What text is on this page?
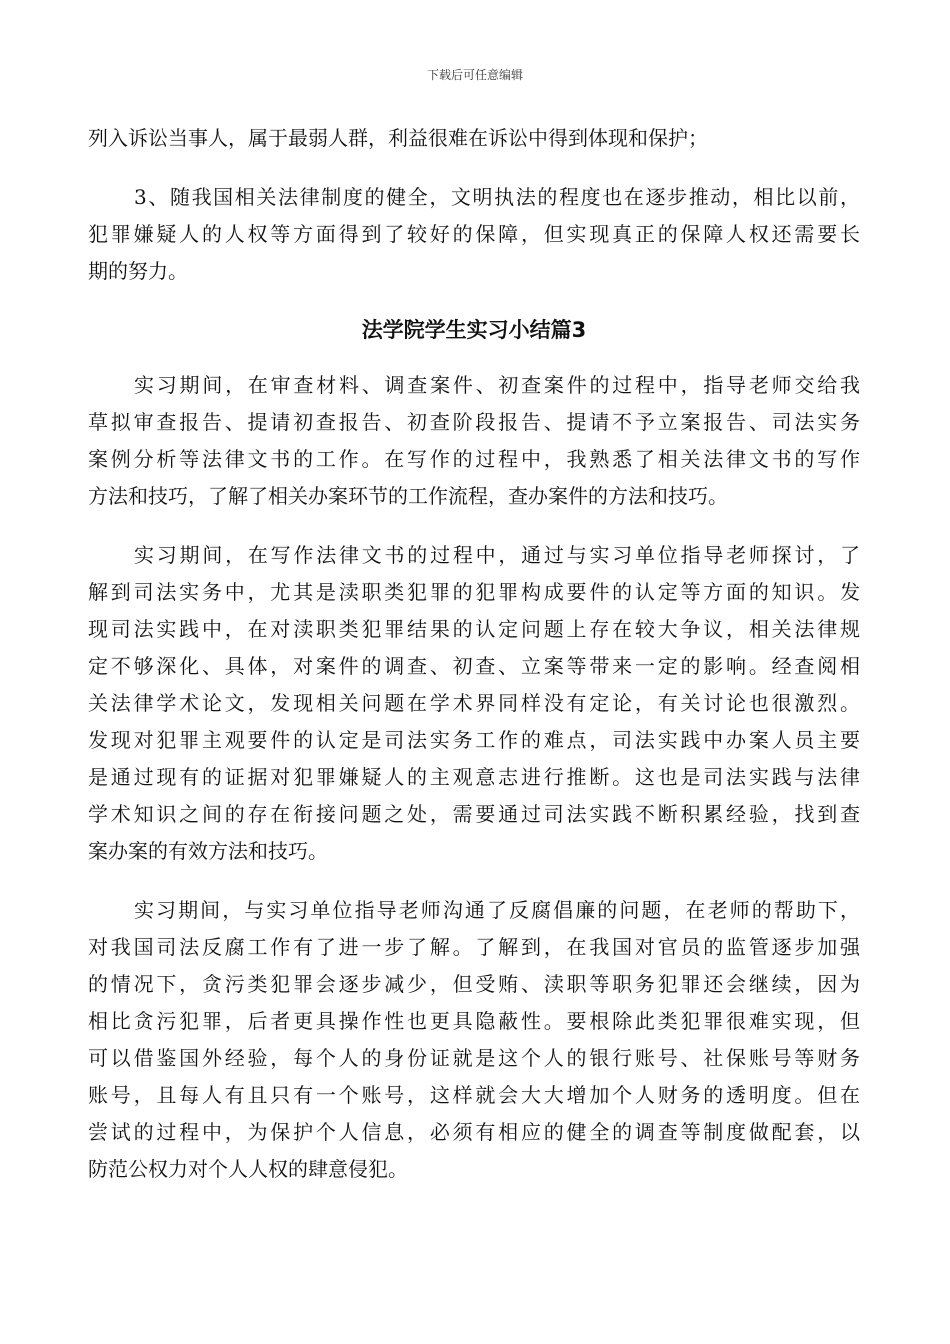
下载后可任意编辑
列入诉讼当事人，属于最弱人群，利益很难在诉讼中得到体现和保护；
3、随我国相关法律制度的健全，文明执法的程度也在逐步推动，相比以前，
犯罪嫌疑人的人权等方面得到了较好的保障，但实现真正的保障人权还需要长
期的努力。
法学院学生实习小结篇3
实习期间，在审查材料、调查案件、初查案件的过程中，指导老师交给我
草拟审查报告、提请初查报告、初查阶段报告、提请不予立案报告、司法实务
案例分析等法律文书的工作。在写作的过程中，我熟悉了相关法律文书的写作
方法和技巧，了解了相关办案环节的工作流程，查办案件的方法和技巧。
实习期间，在写作法律文书的过程中，通过与实习单位指导老师探讨，了
解到司法实务中，尤其是渎职类犯罪的犯罪构成要件的认定等方面的知识。发
现司法实践中，在对渎职类犯罪结果的认定问题上存在较大争议，相关法律规
定不够深化、具体，对案件的调查、初查、立案等带来一定的影响。经查阅相
关法律学术论文，发现相关问题在学术界同样没有定论，有关讨论也很激烈。
发现对犯罪主观要件的认定是司法实务工作的难点，司法实践中办案人员主要
是通过现有的证据对犯罪嫌疑人的主观意志进行推断。这也是司法实践与法律
学术知识之间的存在衔接问题之处，需要通过司法实践不断积累经验，找到查
案办案的有效方法和技巧。
实习期间，与实习单位指导老师沟通了反腐倡廉的问题，在老师的帮助下，
对我国司法反腐工作有了进一步了解。了解到，在我国对官员的监管逐步加强
的情况下，贪污类犯罪会逐步减少，但受贿、渎职等职务犯罪还会继续，因为
相比贪污犯罪，后者更具操作性也更具隐蔽性。要根除此类犯罪很难实现，但
可以借鉴国外经验，每个人的身份证就是这个人的银行账号、社保账号等财务
账号，且每人有且只有一个账号，这样就会大大增加个人财务的透明度。但在
尝试的过程中，为保护个人信息，必须有相应的健全的调查等制度做配套，以
防范公权力对个人人权的肆意侵犯。
